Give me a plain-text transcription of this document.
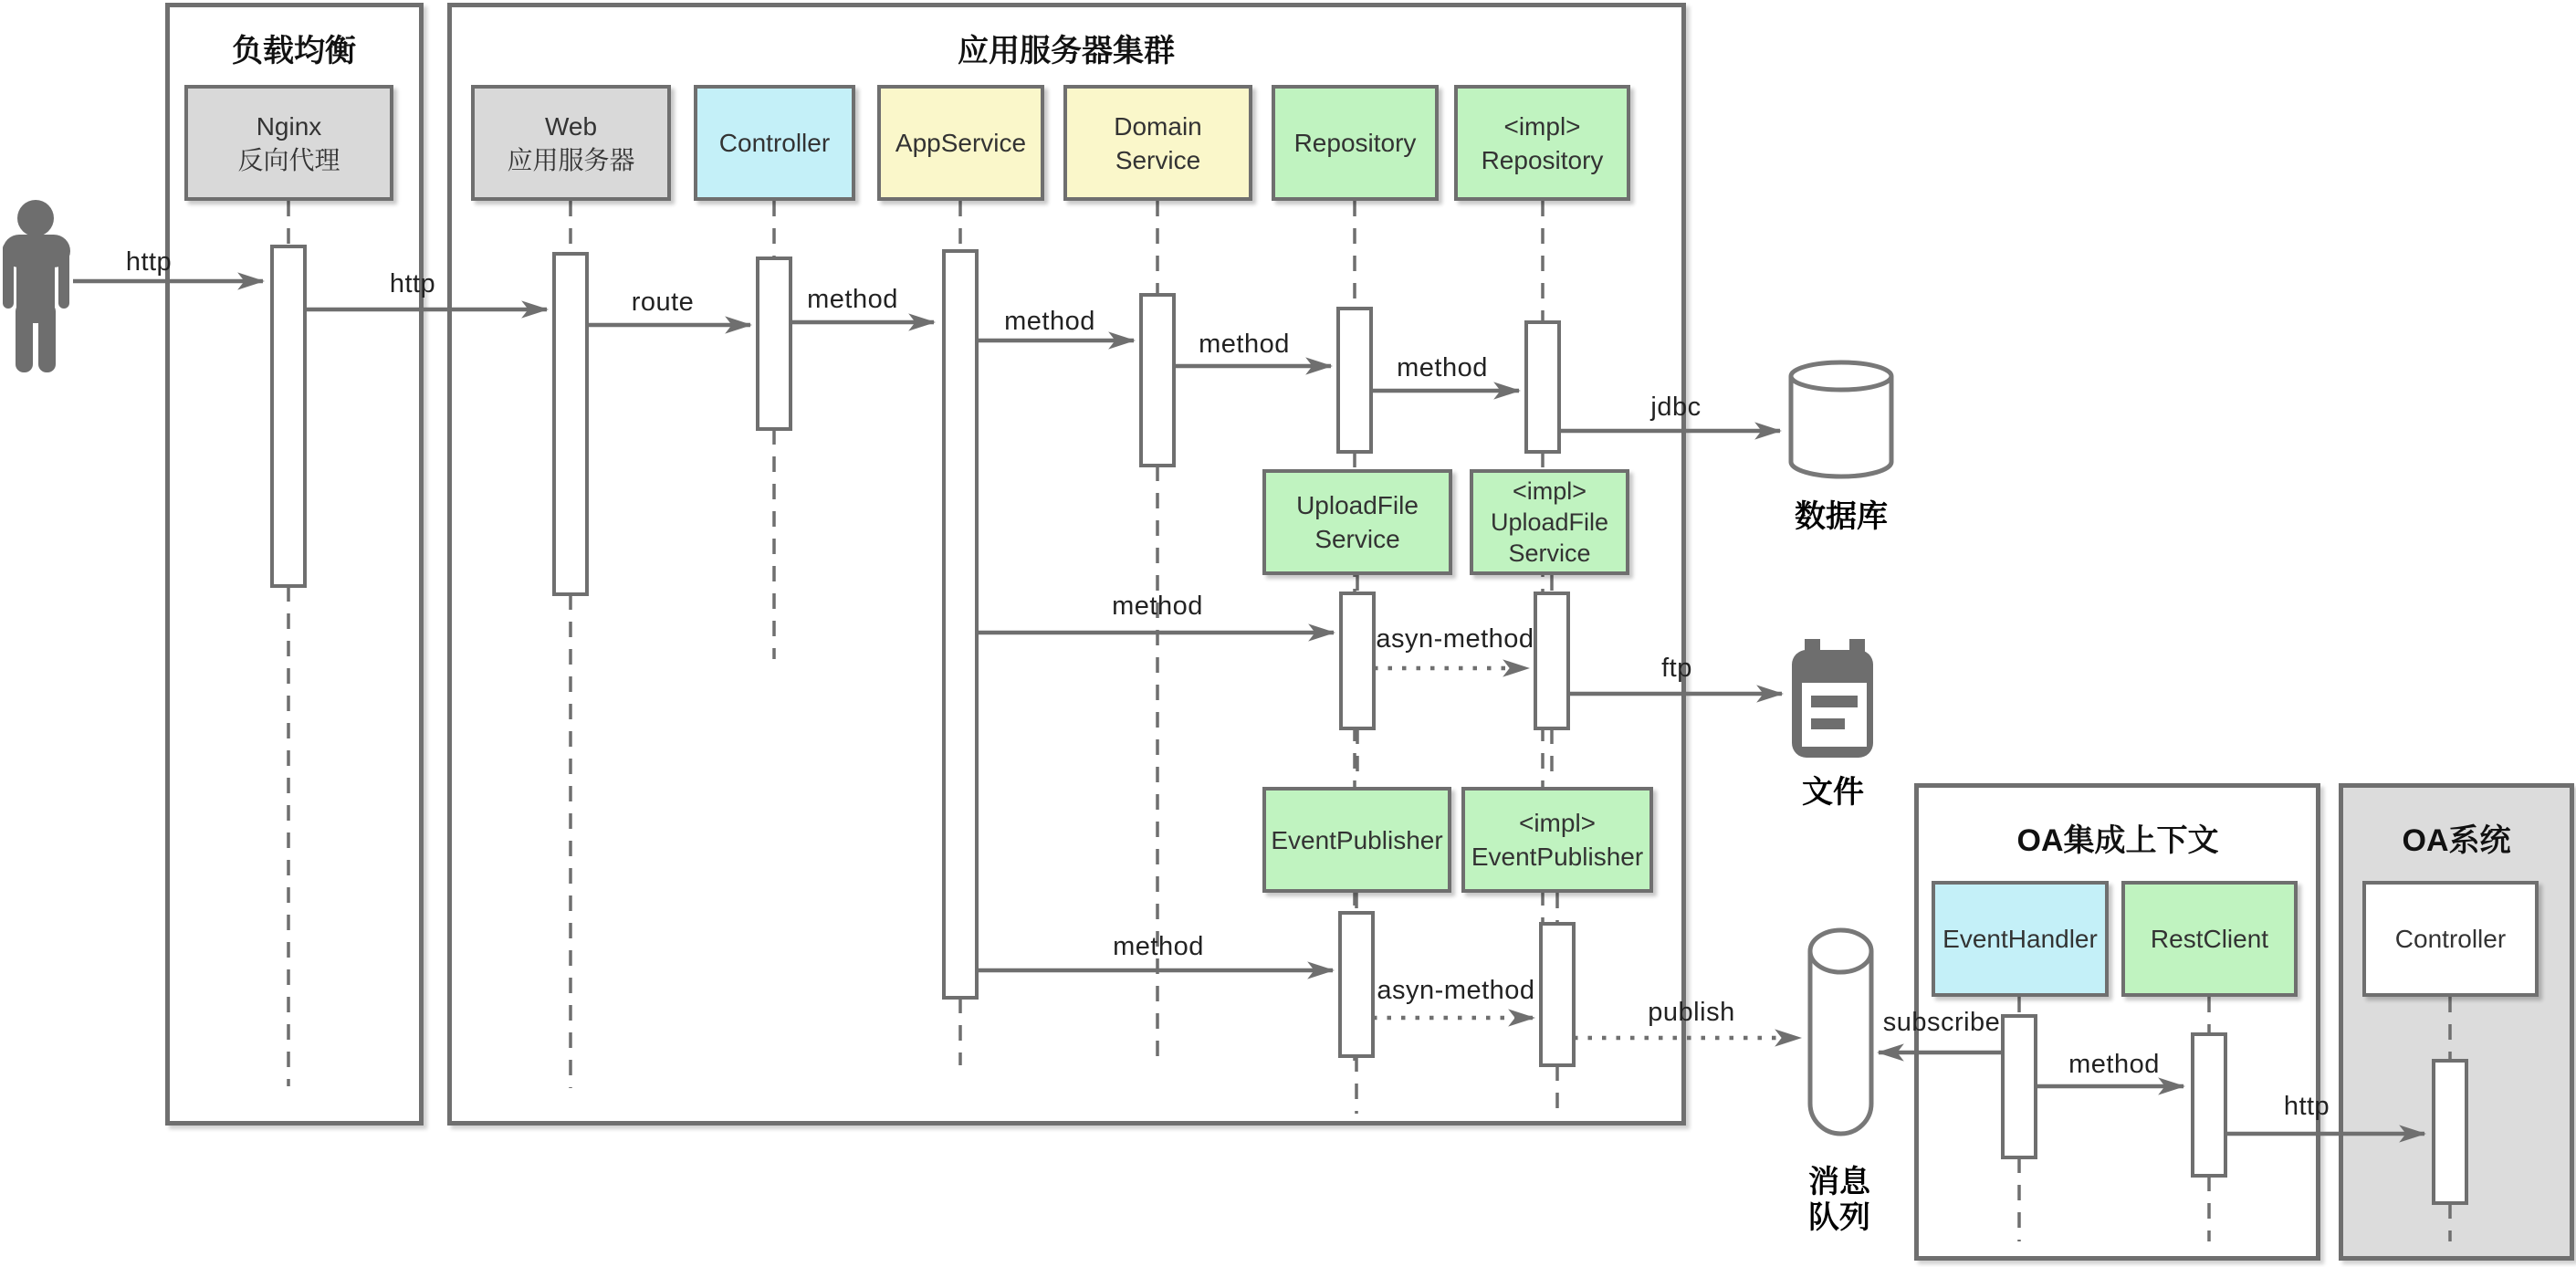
负载均衡	应用服务器集群
OA集成上下文	OA系统
Nginx
反向代理
Web
应用服务器
Controller	AppService
Domain
Service
Repository
<impl>
Repository
UploadFile
Service
<impl>
UploadFile
Service
EventPublisher
<impl>
EventPublisher
EventHandler RestClient	Controller
数据库
文件
消息
队列
http
http
route	method
method
method
method
jdbc
method
asyn-method
ftp
method
asyn-method
publish	subscribe
method
http
